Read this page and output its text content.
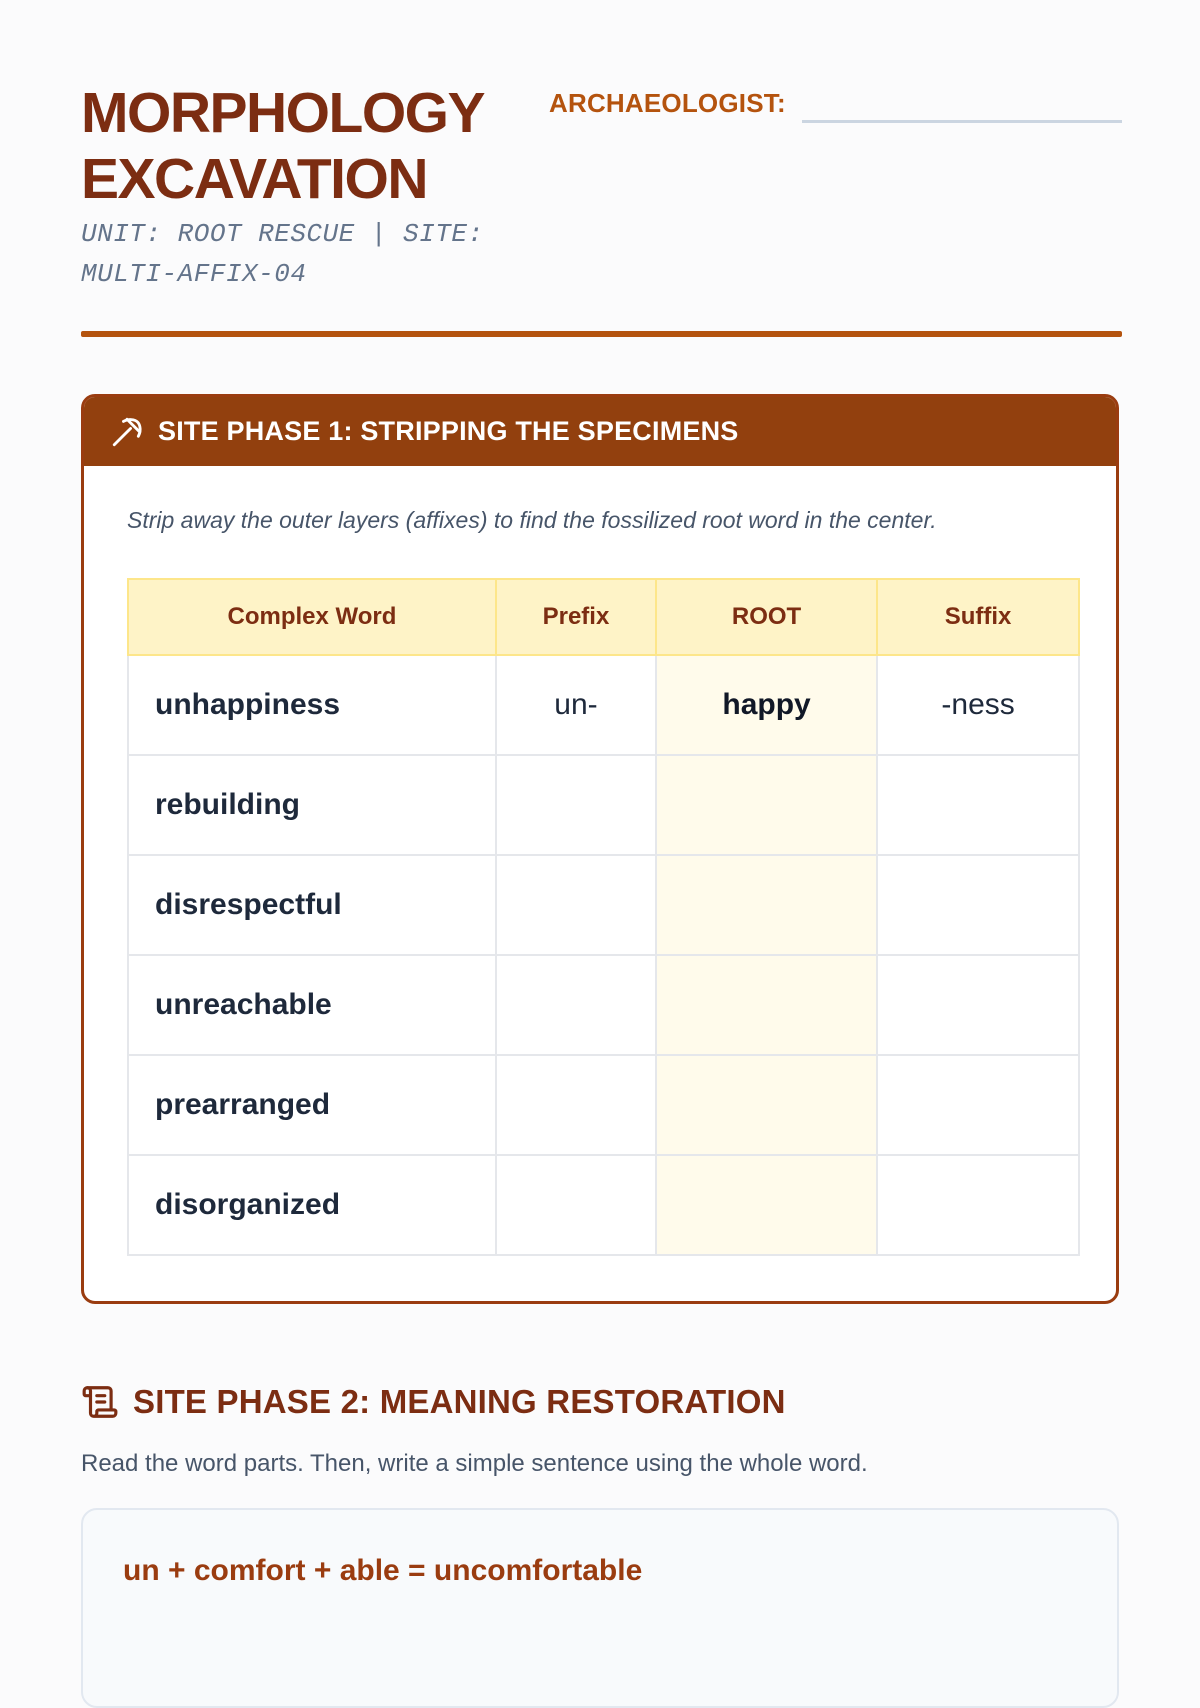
MORPHOLOGY
EXCAVATION
UNIT: ROOT RESCUE | SITE:
MULTI-AFFIX-04
ARCHAEOLOGIST:
SITE PHASE 1: STRIPPING THE SPECIMENS
Strip away the outer layers (affixes) to find the fossilized root word in the center.
Complex Word	Prefix	ROOT	Suffix
unhappiness	un-	happy	-ness
rebuilding			
disrespectful			
unreachable			
prearranged			
disorganized			
SITE PHASE 2: MEANING RESTORATION
Read the word parts. Then, write a simple sentence using the whole word.
un + comfort + able = uncomfortable
